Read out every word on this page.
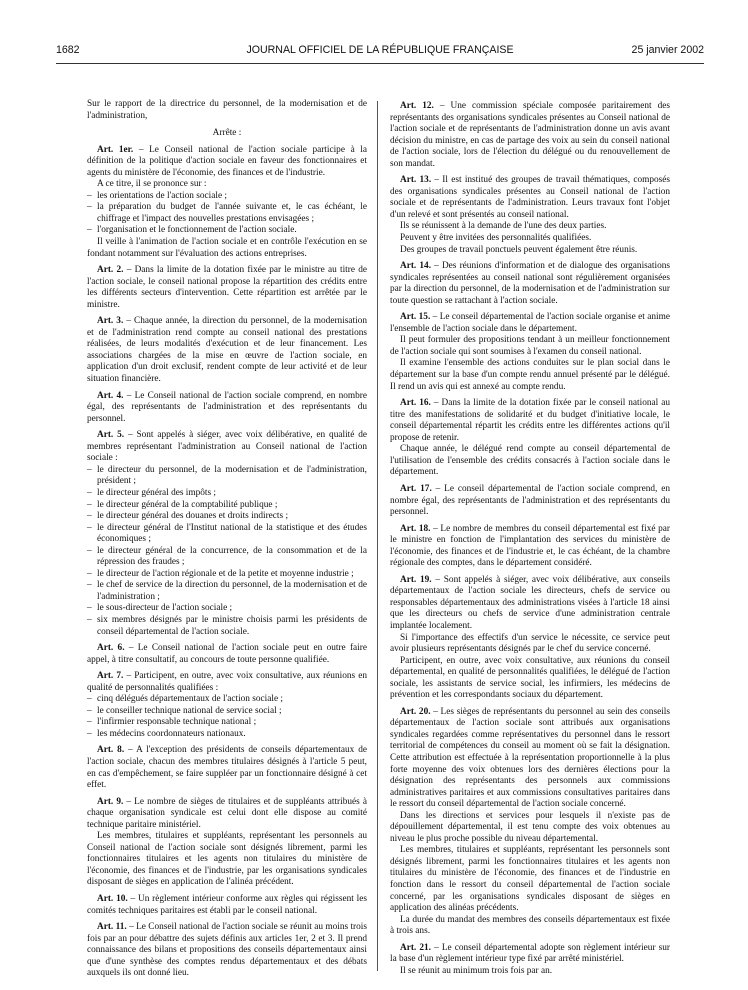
1682	JOURNAL OFFICIEL DE LA RÉPUBLIQUE FRANÇAISE	25 janvier 2002

Sur le rapport de la directrice du personnel, de la modernisation et de l'administration,

Arrête :

Art. 1er. – Le Conseil national de l'action sociale participe à la définition de la politique d'action sociale en faveur des fonctionnaires et agents du ministère de l'économie, des finances et de l'industrie.

A ce titre, il se prononce sur :

– les orientations de l'action sociale ;

– la préparation du budget de l'année suivante et, le cas échéant, le chiffrage et l'impact des nouvelles prestations envisagées ;

– l'organisation et le fonctionnement de l'action sociale.

Il veille à l'animation de l'action sociale et en contrôle l'exécution en se fondant notamment sur l'évaluation des actions entreprises.

Art. 2. – Dans la limite de la dotation fixée par le ministre au titre de l'action sociale, le conseil national propose la répartition des crédits entre les différents secteurs d'intervention. Cette répartition est arrêtée par le ministre.

Art. 3. – Chaque année, la direction du personnel, de la modernisation et de l'administration rend compte au conseil national des prestations réalisées, de leurs modalités d'exécution et de leur financement. Les associations chargées de la mise en œuvre de l'action sociale, en application d'un droit exclusif, rendent compte de leur activité et de leur situation financière.

Art. 4. – Le Conseil national de l'action sociale comprend, en nombre égal, des représentants de l'administration et des représentants du personnel.

Art. 5. – Sont appelés à siéger, avec voix délibérative, en qualité de membres représentant l'administration au Conseil national de l'action sociale :

– le directeur du personnel, de la modernisation et de l'administration, président ;

– le directeur général des impôts ;

– le directeur général de la comptabilité publique ;

– le directeur général des douanes et droits indirects ;

– le directeur général de l'Institut national de la statistique et des études économiques ;

– le directeur général de la concurrence, de la consommation et de la répression des fraudes ;

– le directeur de l'action régionale et de la petite et moyenne industrie ;

– le chef de service de la direction du personnel, de la modernisation et de l'administration ;

– le sous-directeur de l'action sociale ;

– six membres désignés par le ministre choisis parmi les présidents de conseil départemental de l'action sociale.

Art. 6. – Le Conseil national de l'action sociale peut en outre faire appel, à titre consultatif, au concours de toute personne qualifiée.

Art. 7. – Participent, en outre, avec voix consultative, aux réunions en qualité de personnalités qualifiées :

– cinq délégués départementaux de l'action sociale ;

– le conseiller technique national de service social ;

– l'infirmier responsable technique national ;

– les médecins coordonnateurs nationaux.

Art. 8. – A l'exception des présidents de conseils départementaux de l'action sociale, chacun des membres titulaires désignés à l'article 5 peut, en cas d'empêchement, se faire suppléer par un fonctionnaire désigné à cet effet.

Art. 9. – Le nombre de sièges de titulaires et de suppléants attribués à chaque organisation syndicale est celui dont elle dispose au comité technique paritaire ministériel.

Les membres, titulaires et suppléants, représentant les personnels au Conseil national de l'action sociale sont désignés librement, parmi les fonctionnaires titulaires et les agents non titulaires du ministère de l'économie, des finances et de l'industrie, par les organisations syndicales disposant de sièges en application de l'alinéa précédent.

Art. 10. – Un règlement intérieur conforme aux règles qui régissent les comités techniques paritaires est établi par le conseil national.

Art. 11. – Le Conseil national de l'action sociale se réunit au moins trois fois par an pour débattre des sujets définis aux articles 1er, 2 et 3. Il prend connaissance des bilans et propositions des conseils départementaux ainsi que d'une synthèse des comptes rendus départementaux et des débats auxquels ils ont donné lieu.

Art. 12. – Une commission spéciale composée paritairement des représentants des organisations syndicales présentes au Conseil national de l'action sociale et de représentants de l'administration donne un avis avant décision du ministre, en cas de partage des voix au sein du conseil national de l'action sociale, lors de l'élection du délégué ou du renouvellement de son mandat.

Art. 13. – Il est institué des groupes de travail thématiques, composés des organisations syndicales présentes au Conseil national de l'action sociale et de représentants de l'administration. Leurs travaux font l'objet d'un relevé et sont présentés au conseil national.

Ils se réunissent à la demande de l'une des deux parties.

Peuvent y être invitées des personnalités qualifiées.

Des groupes de travail ponctuels peuvent également être réunis.

Art. 14. – Des réunions d'information et de dialogue des organisations syndicales représentées au conseil national sont régulièrement organisées par la direction du personnel, de la modernisation et de l'administration sur toute question se rattachant à l'action sociale.

Art. 15. – Le conseil départemental de l'action sociale organise et anime l'ensemble de l'action sociale dans le département.

Il peut formuler des propositions tendant à un meilleur fonctionnement de l'action sociale qui sont soumises à l'examen du conseil national.

Il examine l'ensemble des actions conduites sur le plan social dans le département sur la base d'un compte rendu annuel présenté par le délégué. Il rend un avis qui est annexé au compte rendu.

Art. 16. – Dans la limite de la dotation fixée par le conseil national au titre des manifestations de solidarité et du budget d'initiative locale, le conseil départemental répartit les crédits entre les différentes actions qu'il propose de retenir.

Chaque année, le délégué rend compte au conseil départemental de l'utilisation de l'ensemble des crédits consacrés à l'action sociale dans le département.

Art. 17. – Le conseil départemental de l'action sociale comprend, en nombre égal, des représentants de l'administration et des représentants du personnel.

Art. 18. – Le nombre de membres du conseil départemental est fixé par le ministre en fonction de l'implantation des services du ministère de l'économie, des finances et de l'industrie et, le cas échéant, de la chambre régionale des comptes, dans le département considéré.

Art. 19. – Sont appelés à siéger, avec voix délibérative, aux conseils départementaux de l'action sociale les directeurs, chefs de service ou responsables départementaux des administrations visées à l'article 18 ainsi que les directeurs ou chefs de service d'une administration centrale implantée localement.

Si l'importance des effectifs d'un service le nécessite, ce service peut avoir plusieurs représentants désignés par le chef du service concerné.

Participent, en outre, avec voix consultative, aux réunions du conseil départemental, en qualité de personnalités qualifiées, le délégué de l'action sociale, les assistants de service social, les infirmiers, les médecins de prévention et les correspondants sociaux du département.

Art. 20. – Les sièges de représentants du personnel au sein des conseils départementaux de l'action sociale sont attribués aux organisations syndicales regardées comme représentatives du personnel dans le ressort territorial de compétences du conseil au moment où se fait la désignation. Cette attribution est effectuée à la représentation proportionnelle à la plus forte moyenne des voix obtenues lors des dernières élections pour la désignation des représentants des personnels aux commissions administratives paritaires et aux commissions consultatives paritaires dans le ressort du conseil départemental de l'action sociale concerné.

Dans les directions et services pour lesquels il n'existe pas de dépouillement départemental, il est tenu compte des voix obtenues au niveau le plus proche possible du niveau départemental.

Les membres, titulaires et suppléants, représentant les personnels sont désignés librement, parmi les fonctionnaires titulaires et les agents non titulaires du ministère de l'économie, des finances et de l'industrie en fonction dans le ressort du conseil départemental de l'action sociale concerné, par les organisations syndicales disposant de sièges en application des alinéas précédents.

La durée du mandat des membres des conseils départementaux est fixée à trois ans.

Art. 21. – Le conseil départemental adopte son règlement intérieur sur la base d'un règlement intérieur type fixé par arrêté ministériel.

Il se réunit au minimum trois fois par an.
